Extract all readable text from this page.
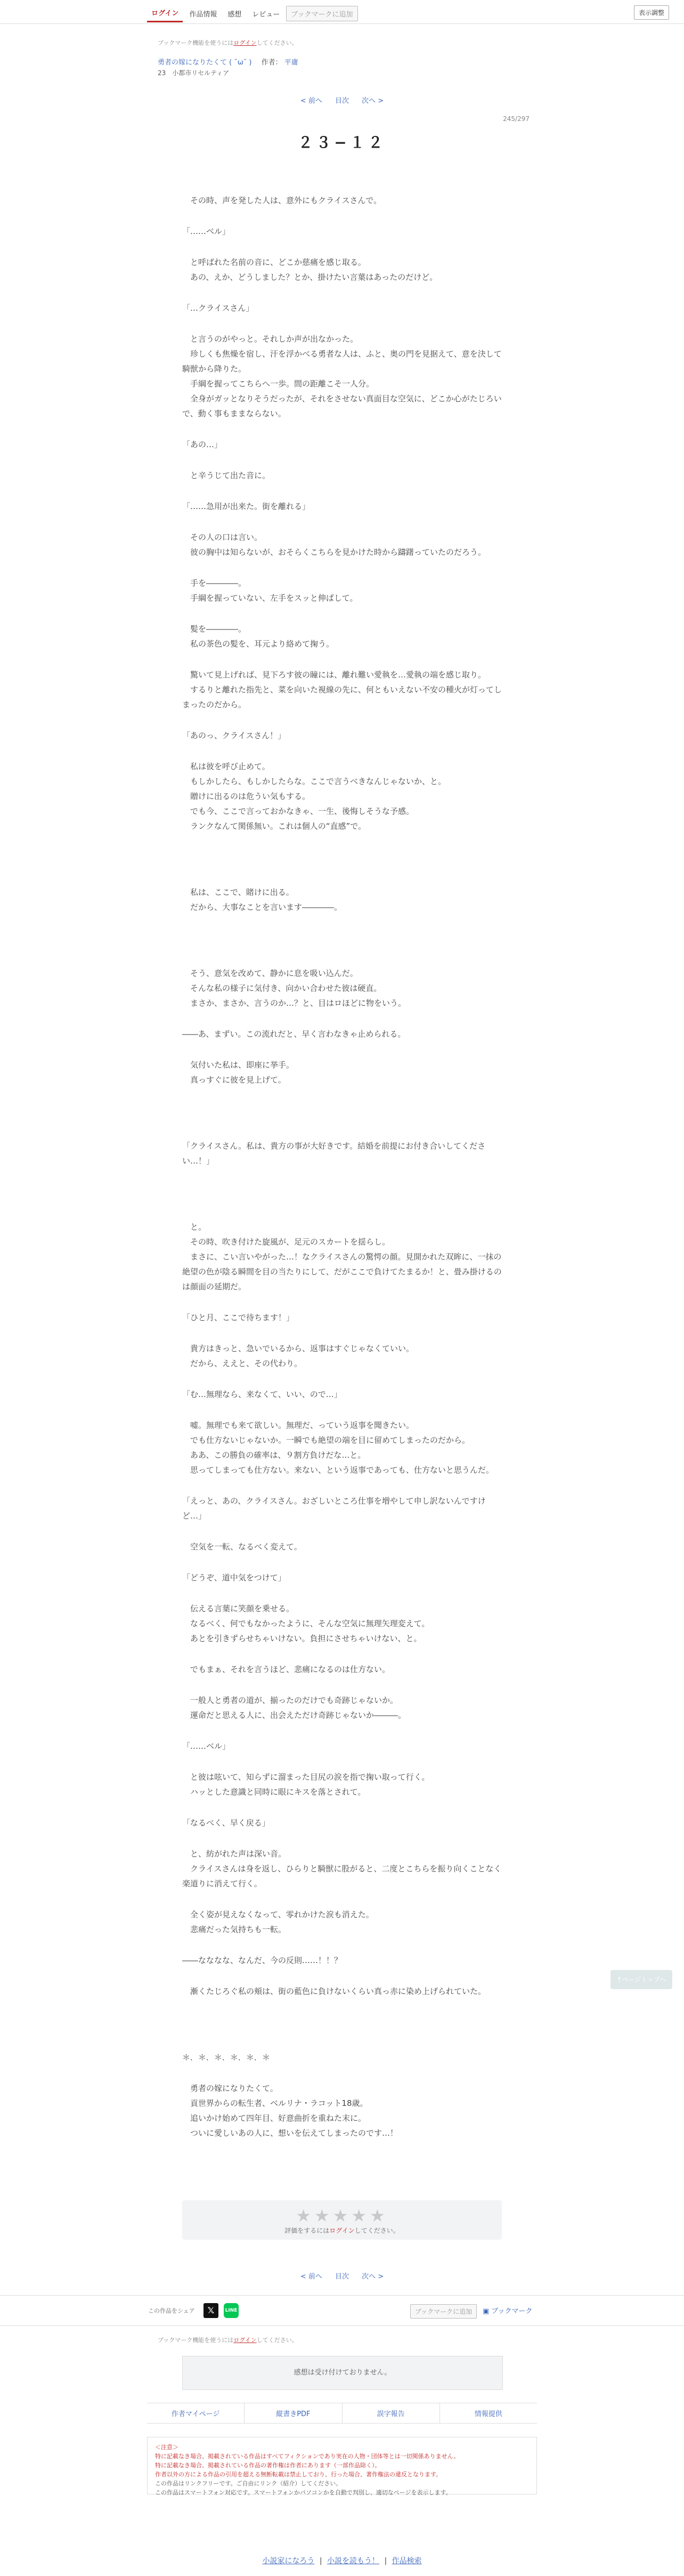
ログイン	作品情報	感想	レビュー	ブックマークに追加	表示調整
ブックマーク機能を使うにはログインしてください。
勇者の嫁になりたくて ( ˘ω˘ ) 作者： 平庸
23　小都市リセルティア
< 前へ 目次 次へ >
245/297
２３−１２

　その時、声を発した人は、意外にもクライスさんで。

「……ベル」

　と呼ばれた名前の音に、どこか慈痛を感じ取る。
　あの、えか、どうしました？とか、掛けたい言葉はあったのだけど。

「…クライスさん」

　と言うのがやっと。それしか声が出なかった。
　珍しくも焦燥を宿し、汗を浮かべる勇者な人は、ふと、奥の門を見据えて、意を決して騎獣から降りた。
　手綱を握ってこちらへ一歩。間の距離こそ一人分。
　全身がガッとなりそうだったが、それをさせない真面目な空気に、どこか心がたじろいで、動く事もままならない。

「あの…」

　と辛うじて出た音に。

「……急用が出来た。街を離れる」

　その人の口は言い。
　彼の胸中は知らないが、おそらくこちらを見かけた時から躊躇っていたのだろう。

　手を――――。
　手綱を握っていない、左手をスッと伸ばして。

　髪を――――。
　私の茶色の髪を、耳元より絡めて掬う。

　驚いて見上げれば、見下ろす彼の瞳には、離れ難い愛執を…愛執の端を感じ取り。
　するりと離れた指先と、菜を向いた視線の先に、何ともいえない不安の種火が灯ってしまったのだから。

「あのっ、クライスさん！」

　私は彼を呼び止めて。
　もしかしたら、もしかしたらな。ここで言うべきなんじゃないか、と。
　贈けに出るのは危うい気もする。
　でも今、ここで言っておかなきゃ、一生、後悔しそうな予感。
　ランクなんて関係無い。これは個人の“直感”で。

　私は、ここで、賭けに出る。
　だから、大事なことを言います――――。

　そう、意気を改めて、静かに息を吸い込んだ。
　そんな私の様子に気付き、向かい合わせた彼は硬直。
　まさか、まさか、言うのか…？と、目はロほどに物をいう。

――あ、まずい。この流れだと、早く言わなきゃ止められる。

　気付いた私は、即座に挙手。
　真っすぐに彼を見上げて。

「クライスさん。私は、貴方の事が大好きです。結婚を前提にお付き合いしてください…！」

　と。
　その時、吹き付けた旋風が、足元のスカートを揺らし。
　まさに、こい言いやがった…！なクライスさんの驚愕の顔。見開かれた双眸に、一抹の絶望の色が陰る瞬間を目の当たりにして、だがここで負けてたまるか！と、畳み掛けるのは顔面の延期だ。

「ひと月、ここで待ちます！」

　貴方はきっと、急いでいるから、返事はすぐじゃなくていい。
　だから、ええと、その代わり。

「む…無理なら、来なくて、いい、ので…」

　嘘。無理でも来て欲しい。無理だ、っていう返事を聞きたい。
　でも仕方ないじゃないか。一瞬でも絶望の端を目に留めてしまったのだから。
　ああ、この勝負の確率は、９割方負けだな…と。
　思ってしまっても仕方ない。来ない、という返事であっても、仕方ないと思うんだ。

「えっと、あの、クライスさん。おざしいところ仕事を増やして申し訳ないんですけど…」

　空気を一転、なるべく変えて。

「どうぞ、道中気をつけて」

　伝える言葉に笑顔を乗せる。
　なるべく、何でもなかったように、そんな空気に無理矢理変えて。
　あとを引きずらせちゃいけない。負担にさせちゃいけない、と。

　でもまぁ、それを言うほど、悲痛になるのは仕方ない。

　一般人と勇者の道が、揃ったのだけでも奇跡じゃないか。
　運命だと思える人に、出会えただけ奇跡じゃないか―――。

「……ベル」

　と彼は呟いて、知らずに溜まった目尻の涙を指で掬い取って行く。
　ハッとした意識と同時に眼にキスを落とされて。

「なるべく、早く戻る」

　と、紡がれた声は深い音。
　クライスさんは身を返し、ひらりと騎獣に股がると、二度とこちらを振り向くことなく楽道りに消えて行く。

　全く姿が見えなくなって、零れかけた涙も消えた。
　悲痛だった気持ちも一転。

――なななな、なんだ、今の反則……！！？

　漸くたじろぐ私の頬は、街の藍色に負けないくらい真っ赤に染め上げられていた。

＊．＊．＊．＊．＊．＊

　勇者の嫁になりたくて。
　貢世界からの転生者、ベルリナ・ラコット18歳。
　追いかけ始めて四年目、好意曲折を重ねた末に。
　ついに愛しいあの人に、想いを伝えてしまったのです…！

★★★★★
評価をするにはログインしてください。
< 前へ 目次 次へ >
この作品をシェア	𝕏	LINE	ブックマークに追加	▣ ブックマーク
ブックマーク機能を使うにはログインしてください。
感想は受け付けておりません。
作者マイページ	縦書きPDF	誤字報告	情報提供
＜注意＞
特に記載なき場合、掲載されている作品はすべてフィクションであり実在の人物・団体等とは一切関係ありません。
特に記載なき場合、掲載されている作品の著作権は作者にあります（一部作品除く）。
作者以外の方による作品の引用を超える無断転載は禁止しており、行った場合、著作権法の違反となります。
この作品はリンクフリーです。ご自由にリンク（紹介）してください。
この作品はスマートフォン対応です。スマートフォンかパソコンかを自動で判別し、適切なページを表示します。
小説家になろう | 小説を読もう！ | 作品検索
↑ページトップへ
